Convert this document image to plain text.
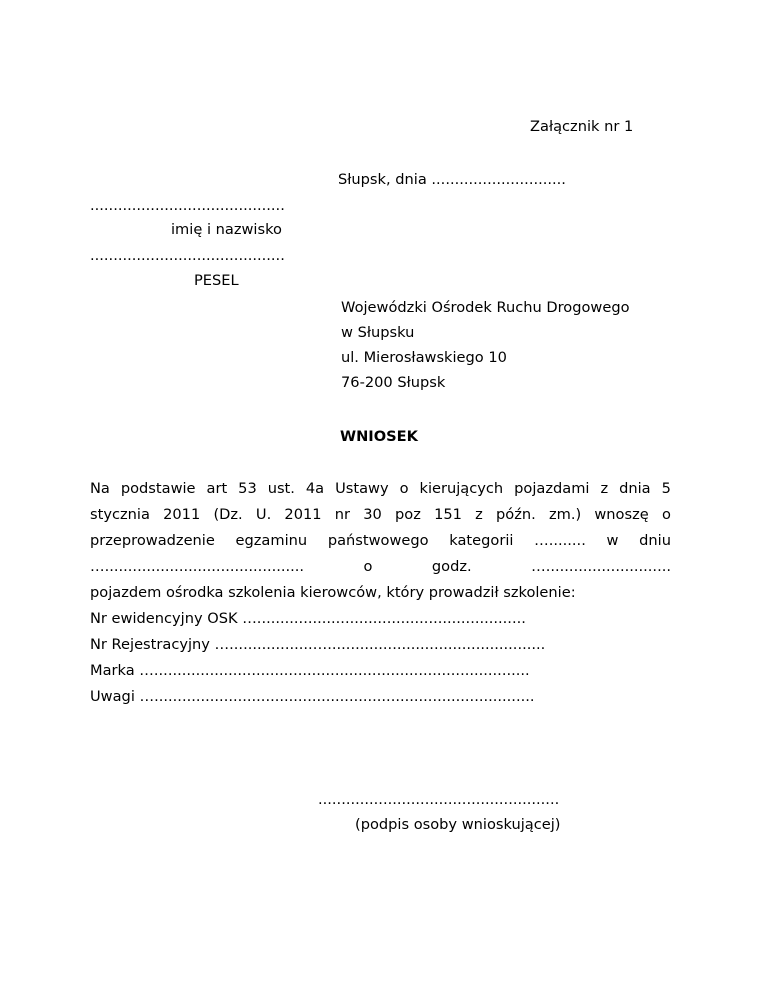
Załącznik nr 1
Słupsk, dnia .............................
..........................................
imię i nazwisko
..........................................
PESEL
Wojewódzki Ośrodek Ruchu Drogowego
w Słupsku
ul. Mierosławskiego 10
76-200 Słupsk
WNIOSEK
Na podstawie art 53 ust. 4a Ustawy o kierujących pojazdami z dnia 5
stycznia 2011 (Dz. U. 2011 nr 30 poz 151 z późn. zm.) wnoszę o
przeprowadzenie egzaminu państwowego kategorii …........ w dniu
…...........................................	o	godz.	…...........................
pojazdem ośrodka szkolenia kierowców, który prowadził szkolenie:
Nr ewidencyjny OSK …..........................................................
Nr Rejestracyjny …..................…...............................................
Marka ….................................................................................
Uwagi …..................................................................................
....................................................
(podpis osoby wnioskującej)
